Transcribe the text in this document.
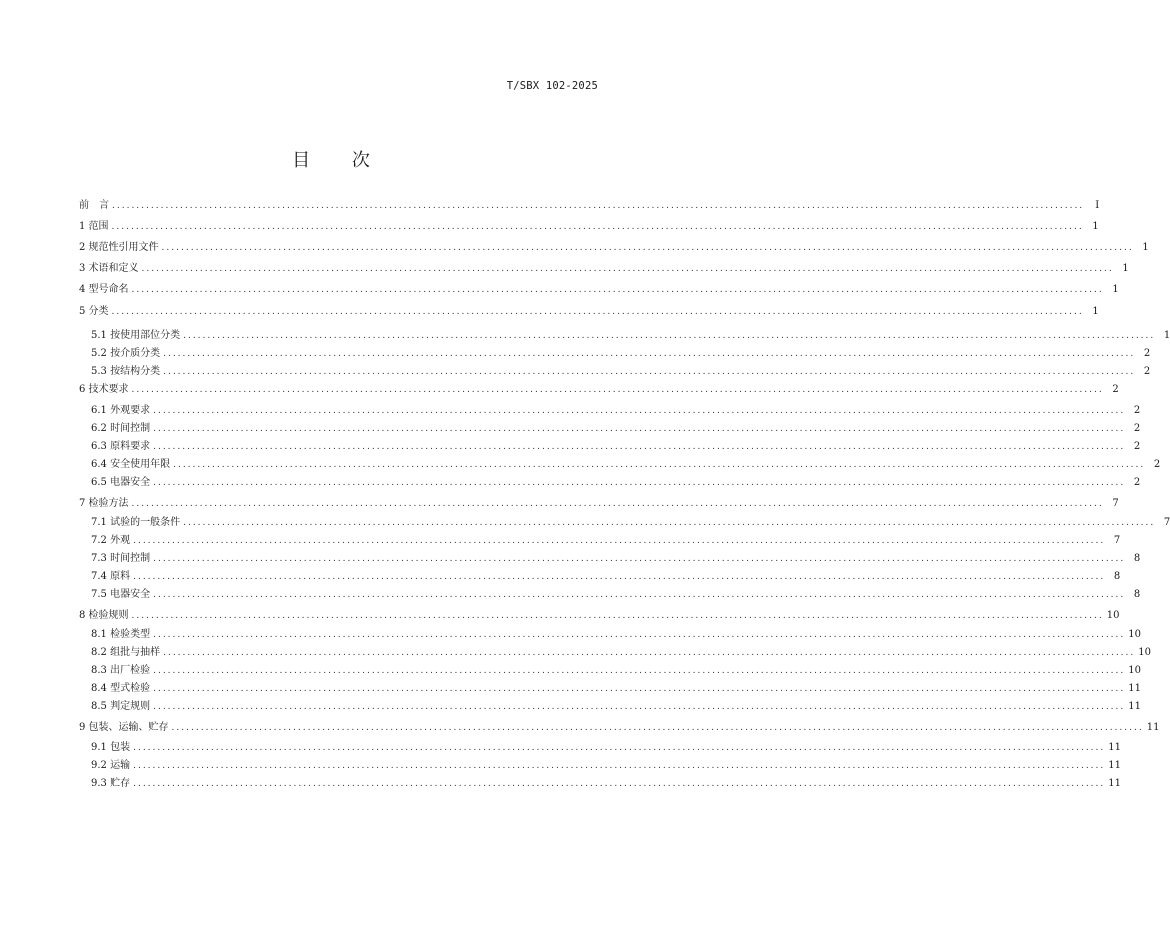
T/SBX 102-2025
目 次
前　言 ........................................................................................................................................................................................................	I
1 范围 ........................................................................................................................................................................................................ 1
2 规范性引用文件 ........................................................................................................................................................................................................ 1
3 术语和定义 ........................................................................................................................................................................................................ 1
4 型号命名 ........................................................................................................................................................................................................ 1
5 分类 ........................................................................................................................................................................................................ 1
5.1 按使用部位分类 ........................................................................................................................................................................................................ 1
5.2 按介质分类 ........................................................................................................................................................................................................ 2
5.3 按结构分类 ........................................................................................................................................................................................................ 2
6 技术要求 ........................................................................................................................................................................................................ 2
6.1 外观要求 ........................................................................................................................................................................................................ 2
6.2 时间控制 ........................................................................................................................................................................................................ 2
6.3 原料要求 ........................................................................................................................................................................................................ 2
6.4 安全使用年限 ........................................................................................................................................................................................................ 2
6.5 电器安全 ........................................................................................................................................................................................................ 2
7 检验方法 ........................................................................................................................................................................................................ 7
7.1 试验的一般条件 ........................................................................................................................................................................................................ 7
7.2 外观 ........................................................................................................................................................................................................ 7
7.3 时间控制 ........................................................................................................................................................................................................ 8
7.4 原料 ........................................................................................................................................................................................................ 8
7.5 电器安全 ........................................................................................................................................................................................................ 8
8 检验规则 ........................................................................................................................................................................................................ 10
8.1 检验类型 ........................................................................................................................................................................................................ 10
8.2 组批与抽样 ........................................................................................................................................................................................................ 10
8.3 出厂检验 ........................................................................................................................................................................................................ 10
8.4 型式检验 ........................................................................................................................................................................................................ 11
8.5 判定规则 ........................................................................................................................................................................................................ 11
9 包装、运输、贮存 ........................................................................................................................................................................................................ 11
9.1 包装 ........................................................................................................................................................................................................ 11
9.2 运输 ........................................................................................................................................................................................................ 11
9.3 贮存 ........................................................................................................................................................................................................ 11
